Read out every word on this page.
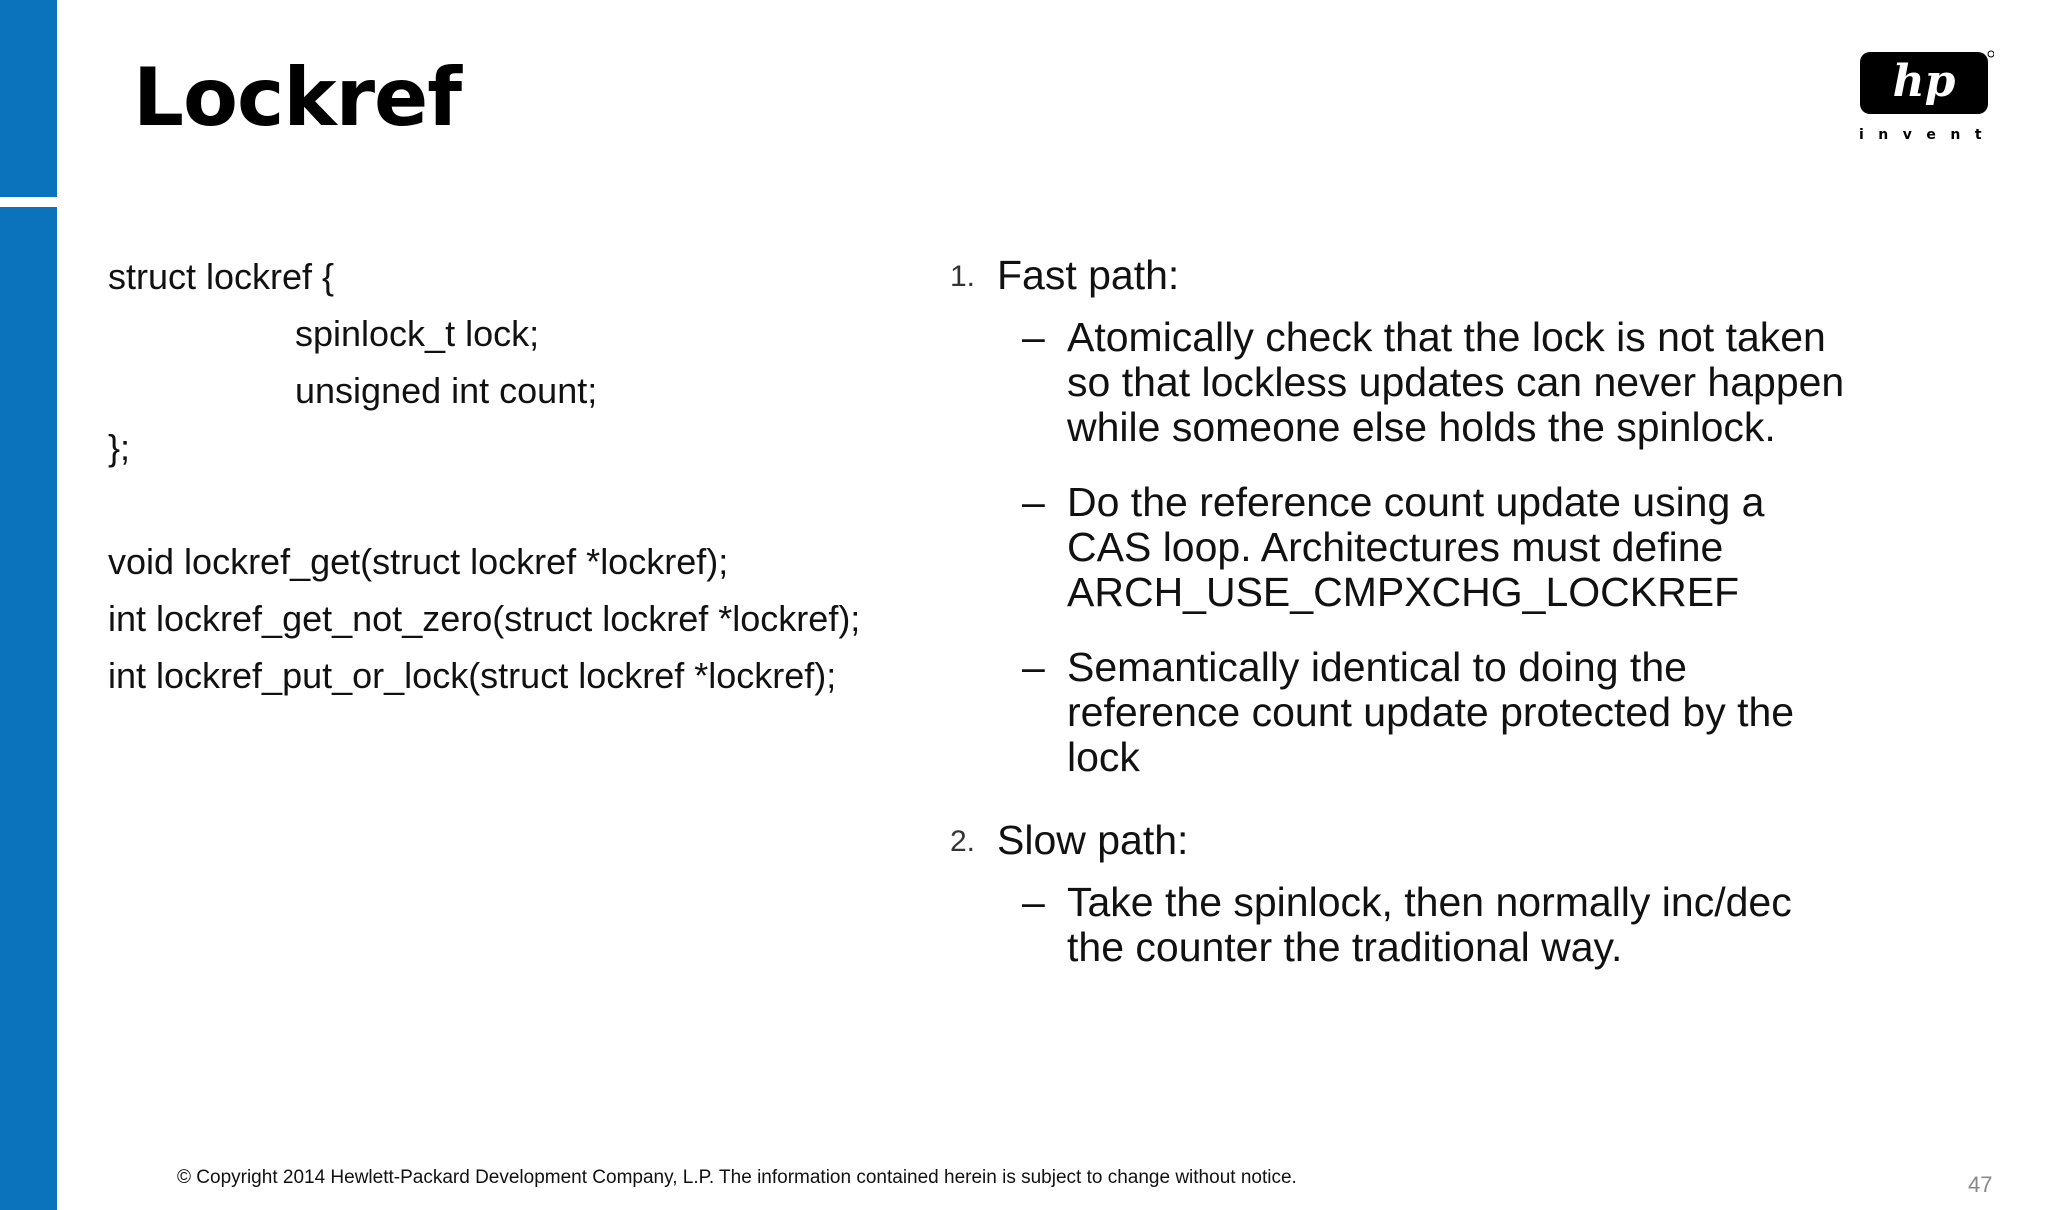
Lockref	hp
invent
struct lockref {
spinlock_t lock;
unsigned int count;
};
void lockref_get(struct lockref *lockref);
int lockref_get_not_zero(struct lockref *lockref);
int lockref_put_or_lock(struct lockref *lockref);
1. Fast path:
– Atomically check that the lock is not taken so that lockless updates can never happen while someone else holds the spinlock.
– Do the reference count update using a CAS loop. Architectures must define ARCH_USE_CMPXCHG_LOCKREF
– Semantically identical to doing the reference count update protected by the lock
2. Slow path:
– Take the spinlock, then normally inc/dec the counter the traditional way.
© Copyright 2014 Hewlett-Packard Development Company, L.P. The information contained herein is subject to change without notice.	47
